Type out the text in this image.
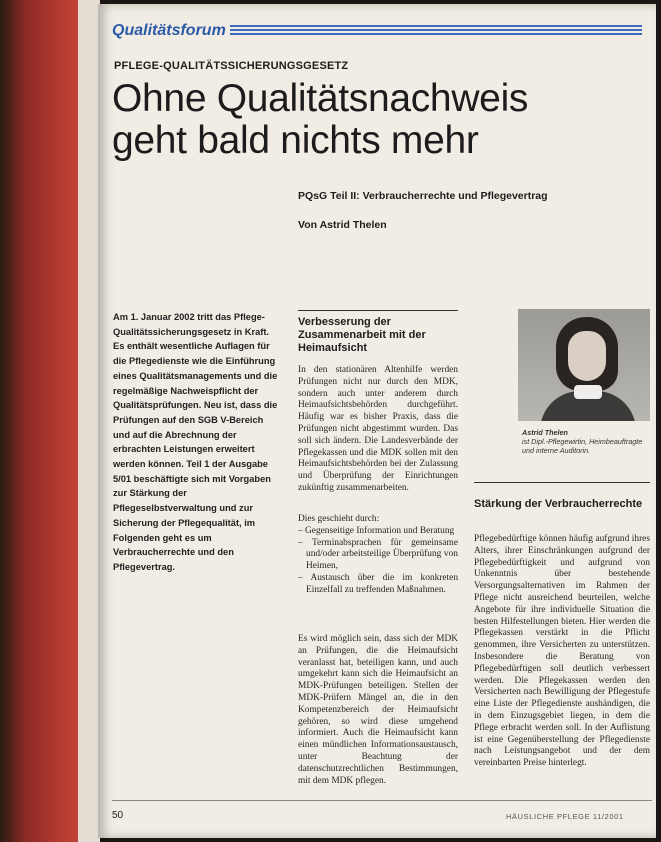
Qualitätsforum
PFLEGE-QUALITÄTSSICHERUNGSGESETZ
Ohne Qualitätsnachweis
geht bald nichts mehr
PQsG Teil II: Verbraucherrechte und Pflegevertrag
Von Astrid Thelen

Am 1. Januar 2002 tritt das Pflege-Qualitätssicherungsgesetz in Kraft. Es enthält wesentliche Auflagen für die Pflegedienste wie die Einführung eines Qualitätsmanagements und die regelmäßige Nachweispflicht der Qualitätsprüfungen. Neu ist, dass die Prüfungen auf den SGB V-Bereich und auf die Abrechnung der erbrachten Leistungen erweitert werden können. Teil 1 der Ausgabe 5/01 beschäftigte sich mit Vorgaben zur Stärkung der Pflegeselbstverwaltung und zur Sicherung der Pflegequalität, im Folgenden geht es um Verbraucherrechte und den Pflegevertrag.

Verbesserung der Zusammenarbeit mit der Heimaufsicht

In den stationären Altenhilfe werden Prüfungen nicht nur durch den MDK, sondern auch unter anderem durch Heimaufsichtsbehörden durchgeführt. Häufig war es bisher Praxis, dass die Prüfungen nicht abgestimmt wurden. Das soll sich ändern. Die Landesverbände der Pflegekassen und die MDK sollen mit den Heimaufsichtsbehörden bei der Zulassung und Überprüfung der Einrichtungen zukünftig zusammenarbeiten.

Dies geschieht durch:

– Gegenseitige Information und Beratung
– Terminabsprachen für gemeinsame und/oder arbeitsteilige Überprüfung von Heimen,
– Austausch über die im konkreten Einzelfall zu treffenden Maßnahmen.

Es wird möglich sein, dass sich der MDK an Prüfungen, die die Heimaufsicht veranlasst hat, beteiligen kann, und auch umgekehrt kann sich die Heimaufsicht an MDK-Prüfungen beteiligen. Stellen der MDK-Prüfern Mängel an, die in den Kompetenzbereich der Heimaufsicht gehören, so wird diese umgehend informiert. Auch die Heimaufsicht kann einen mündlichen Informationsaustausch, unter Beachtung der datenschutzrechtlichen Bestimmungen, mit dem MDK pflegen.

Astrid Thelen
ist Dipl.-Pflegewirtin, Heimbeauftragte und interne Auditorin.
Stärkung der Verbraucherrechte

Pflegebedürftige können häufig aufgrund ihres Alters, ihrer Einschränkungen aufgrund der Pflegebedürftigkeit und aufgrund von Unkenntnis über bestehende Versorgungsalternativen im Rahmen der Pflege nicht ausreichend beurteilen, welche Angebote für ihre individuelle Situation die besten Hilfestellungen bieten. Hier werden die Pflegekassen verstärkt in die Pflicht genommen, ihre Versicherten zu unterstützen. Insbesondere die Beratung von Pflegebedürftigen soll deutlich verbessert werden. Die Pflegekassen werden den Versicherten nach Bewilligung der Pflegestufe eine Liste der Pflegedienste aushändigen, die in dem Einzugsgebiet liegen, in dem die Pflege erbracht werden soll. In der Auflistung ist eine Gegenüberstellung der Pflegedienste nach Leistungsangebot und der dem vereinbarten Preise hinterlegt.

50	HÄUSLICHE PFLEGE 11/2001
